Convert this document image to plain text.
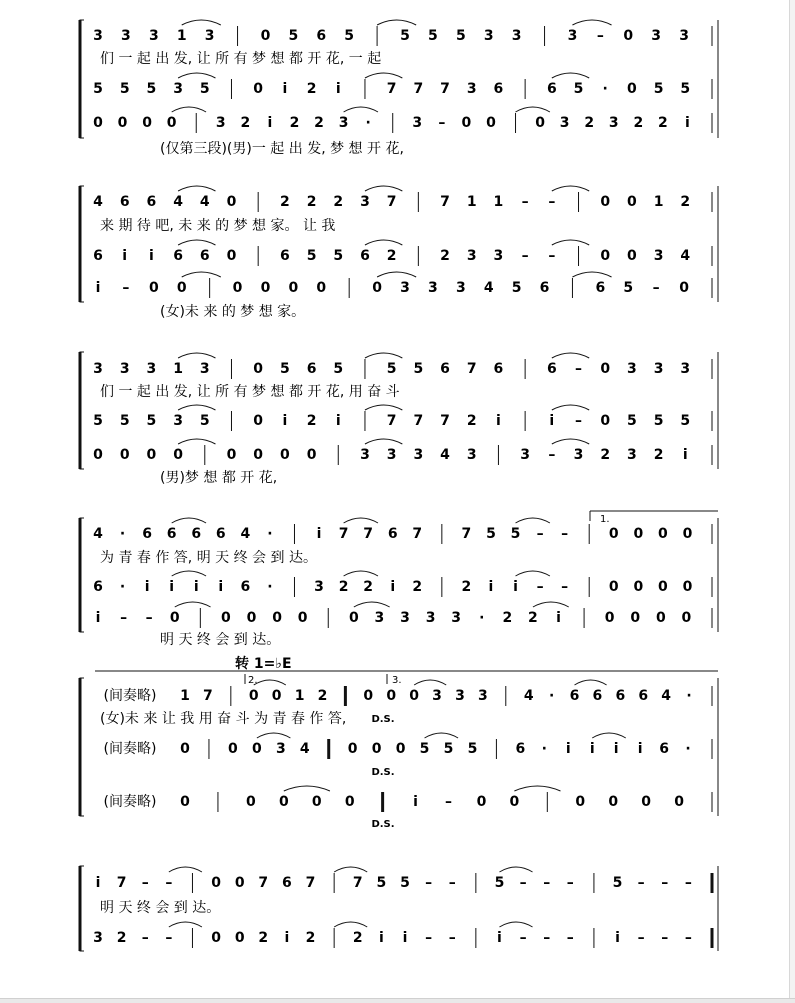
3 3 3 1 3	0 5 6 5	5 5 5 3 3	3 – 0 3 3
5 5 5 3 5	0 i 2 i	7 7 7 3 6	6 5 · 0 5 5
0 0 0 0	3 2 i 2 2 3 ·	3 – 0 0	0 3 2 3 2 2 i
4 6 6 4 4 0	2 2 2 3 7	7 1 1 – –	0 0 1 2
6 i i 6 6 0	6 5 5 6 2	2 3 3 – –	0 0 3 4
i – 0 0	0 0 0 0	0 3 3 3 4 5 6	6 5 – 0
3 3 3 1 3	0 5 6 5	5 5 6 7 6	6 – 0 3 3 3
5 5 5 3 5	0 i 2 i	7 7 7 2 i	i – 0 5 5 5
0 0 0 0	0 0 0 0	3 3 3 4 3	3 – 3 2 3 2 i
4 · 6 6 6 6 4 ·	i 7 7 6 7	7 5 5 – –	0 0 0 0
6 · i i i i 6 ·	3 2 2 i 2	2 i i – –	0 0 0 0
i – – 0	0 0 0 0	0 3 3 3 3 · 2 2 i	0 0 0 0
(间奏略) 1 7	0 0 1 2	0 0 0 3 3 3	4 · 6 6 6 6 4 ·
(间奏略) 0	0 0 3 4	0 0 0 5 5 5	6 · i i i i 6 ·
(间奏略) 0	0 0 0 0	i – 0 0	0 0 0 0
i 7 – –	0 0 7 6 7	7 5 5 – –	5 – – –	5 – – –
3 2 – –	0 0 2 i 2	2 i i – –	i – – –	i – – –
们 一 起 出 发, 让 所 有 梦 想 都 开 花, 一 起
(仅第三段)(男)一 起 出 发, 梦 想 开 花,
来 期 待 吧, 未 来 的 梦 想 家。 让 我
(女)未 来 的 梦 想 家。
们 一 起 出 发, 让 所 有 梦 想 都 开 花, 用 奋 斗
(男)梦 想 都 开 花,
为 青 春 作 答, 明 天 终 会 到 达。
明 天 终 会 到 达。
(女)未 来 让 我 用 奋 斗 为 青 春 作 答,
明 天 终 会 到 达。
1.
转 1=♭E
2.	3.
D.S.
D.S.
D.S.
